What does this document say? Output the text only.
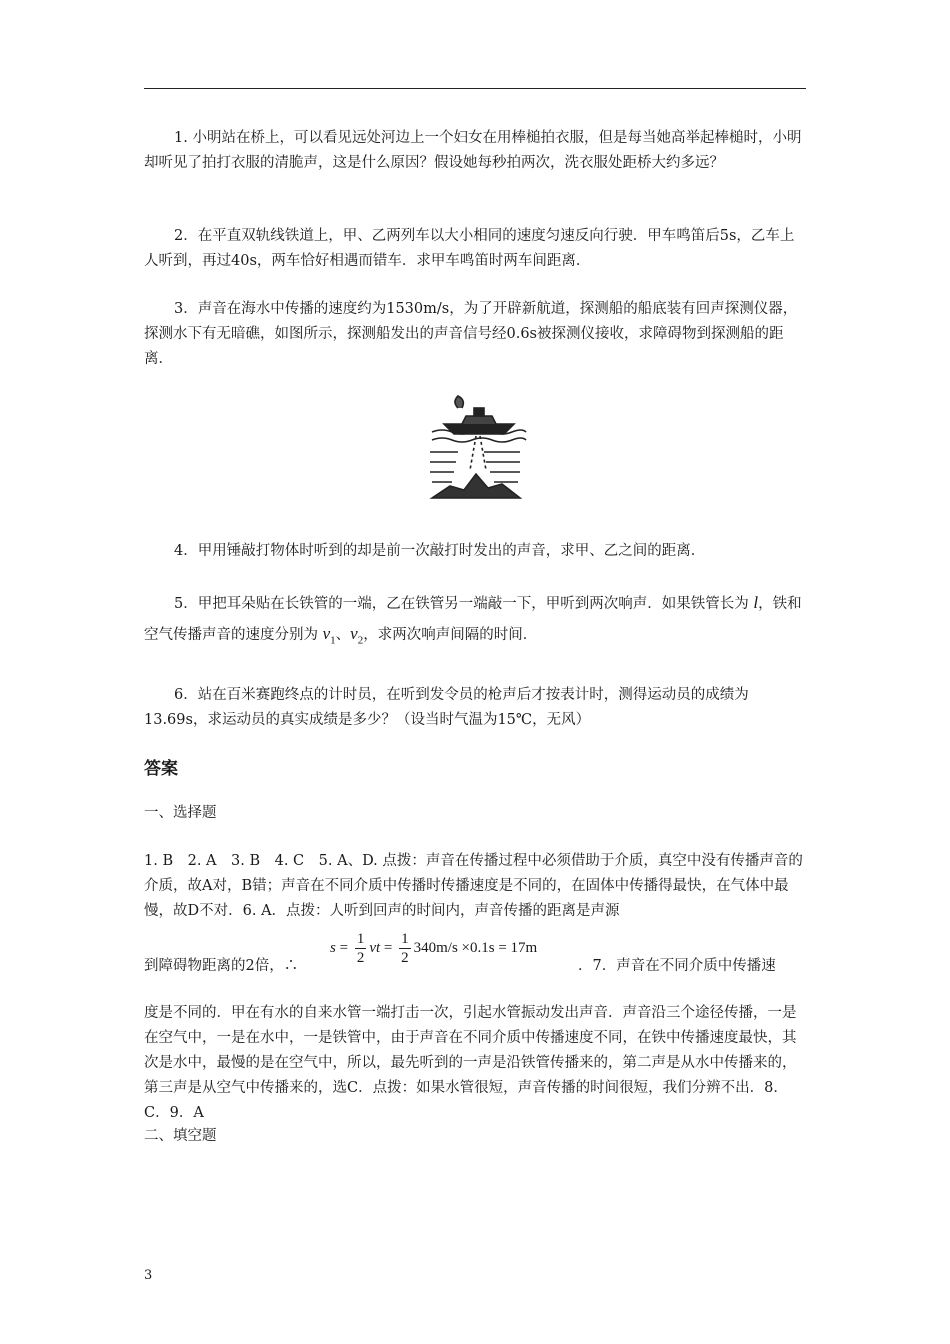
1. 小明站在桥上，可以看见远处河边上一个妇女在用棒槌拍衣服，但是每当她高举起棒槌时，小明却听见了拍打衣服的清脆声，这是什么原因？假设她每秒拍两次，洗衣服处距桥大约多远？
2．在平直双轨线铁道上，甲、乙两列车以大小相同的速度匀速反向行驶．甲车鸣笛后5s，乙车上人听到，再过40s，两车恰好相遇而错车．求甲车鸣笛时两车间距离．
3．声音在海水中传播的速度约为1530m/s，为了开辟新航道，探测船的船底装有回声探测仪器，探测水下有无暗礁，如图所示，探测船发出的声音信号经0.6s被探测仪接收，求障碍物到探测船的距离．
4．甲用锤敲打物体时听到的却是前一次敲打时发出的声音，求甲、乙之间的距离．
5．甲把耳朵贴在长铁管的一端，乙在铁管另一端敲一下，甲听到两次响声．如果铁管长为 l，铁和空气传播声音的速度分别为 $v_1$、$v_2$，求两次响声间隔的时间．
6．站在百米赛跑终点的计时员，在听到发令员的枪声后才按表计时，测得运动员的成绩为13.69s，求运动员的真实成绩是多少？（设当时气温为15℃，无风）
答案
一、选择题
1. B　2. A　3. B　4. C　5. A、D. 点拨：声音在传播过程中必须借助于介质，真空中没有传播声音的介质，故A对，B错；声音在不同介质中传播时传播速度是不同的，在固体中传播得最快，在气体中最慢，故D不对．6. A．点拨：人听到回声的时间内，声音传播的距离是声源
$s = \frac{1}{2}$ vt = $\frac{1}{2} 340m/s \times 0.1s = 17m$
到障碍物距离的2倍，∴	．7．声音在不同介质中传播速
度是不同的．甲在有水的自来水管一端打击一次，引起水管振动发出声音．声音沿三个途径传播，一是在空气中，一是在水中，一是铁管中，由于声音在不同介质中传播速度不同，在铁中传播速度最快，其次是水中，最慢的是在空气中，所以，最先听到的一声是沿铁管传播来的，第二声是从水中传播来的，第三声是从空气中传播来的，选C．点拨：如果水管很短，声音传播的时间很短，我们分辨不出．8．C．9．A
二、填空题
3
